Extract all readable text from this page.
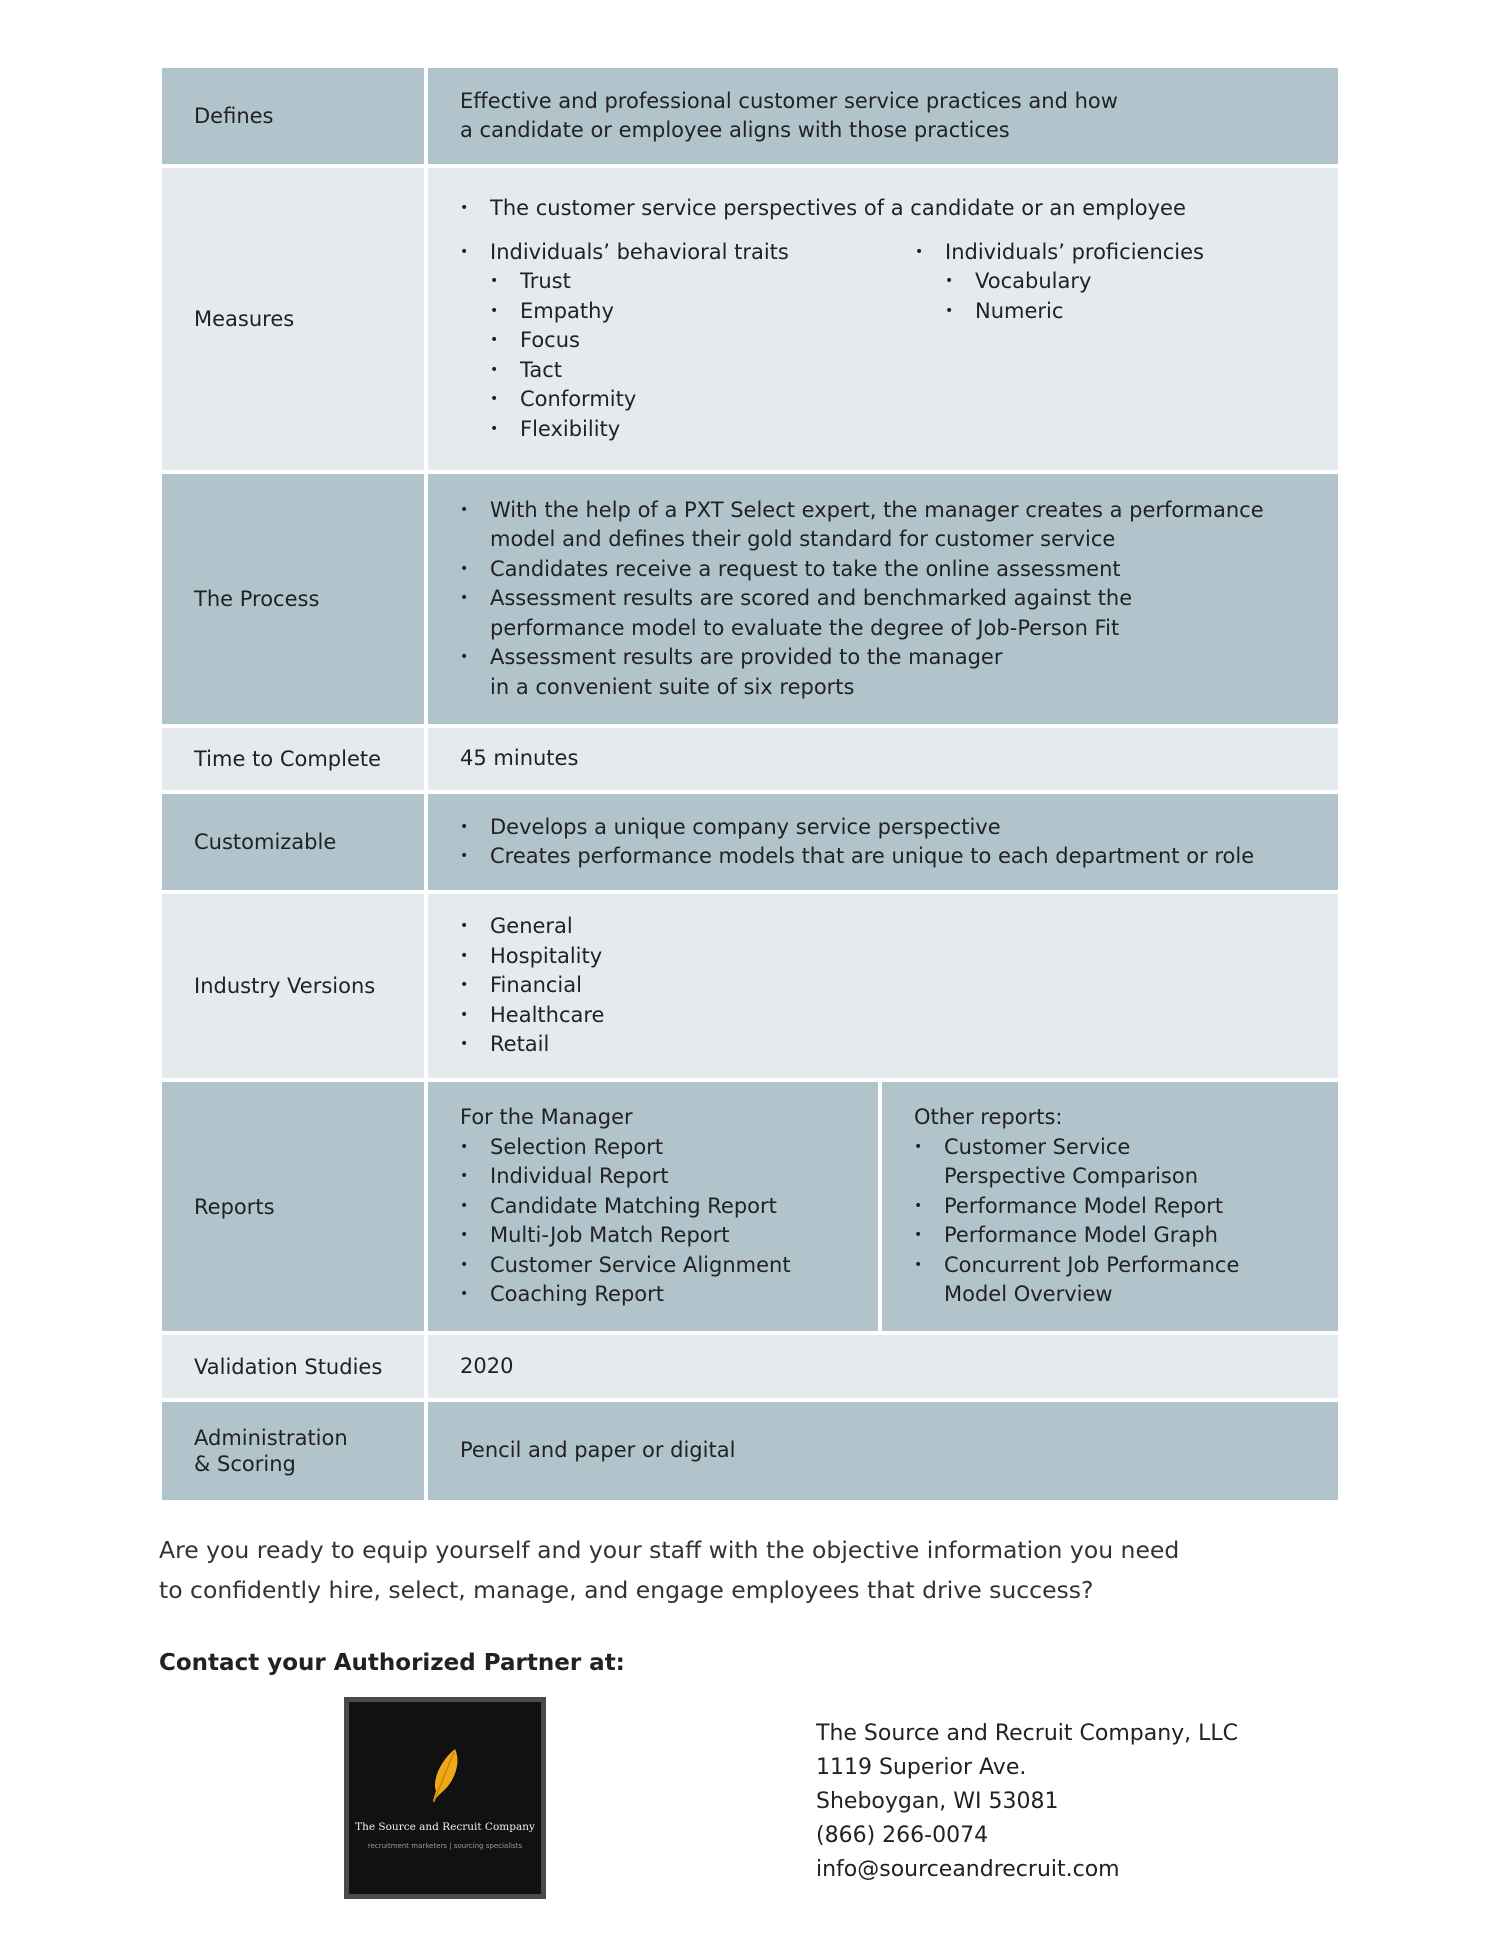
Defines
Effective and professional customer service practices and how
a candidate or employee aligns with those practices
Measures
• The customer service perspectives of a candidate or an employee
• Individuals’ behavioral traits
• Trust
• Empathy
• Focus
• Tact
• Conformity
• Flexibility
• Individuals’ proficiencies
• Vocabulary
• Numeric
The Process
• With the help of a PXT Select expert, the manager creates a performance
model and defines their gold standard for customer service
• Candidates receive a request to take the online assessment
• Assessment results are scored and benchmarked against the
performance model to evaluate the degree of Job-Person Fit
• Assessment results are provided to the manager
in a convenient suite of six reports
Time to Complete	45 minutes
Customizable
• Develops a unique company service perspective
• Creates performance models that are unique to each department or role
Industry Versions
• General
• Hospitality
• Financial
• Healthcare
• Retail
Reports
For the Manager
• Selection Report
• Individual Report
• Candidate Matching Report
• Multi-Job Match Report
• Customer Service Alignment
• Coaching Report
Other reports:
• Customer Service
Perspective Comparison
• Performance Model Report
• Performance Model Graph
• Concurrent Job Performance
Model Overview
Validation Studies	2020
Administration
& Scoring
Pencil and paper or digital
Are you ready to equip yourself and your staff with the objective information you need
to confidently hire, select, manage, and engage employees that drive success?
Contact your Authorized Partner at:
The Source and Recruit Company
recruitment marketers | sourcing specialists
The Source and Recruit Company, LLC
1119 Superior Ave.
Sheboygan, WI 53081
(866) 266-0074
info@sourceandrecruit.com
